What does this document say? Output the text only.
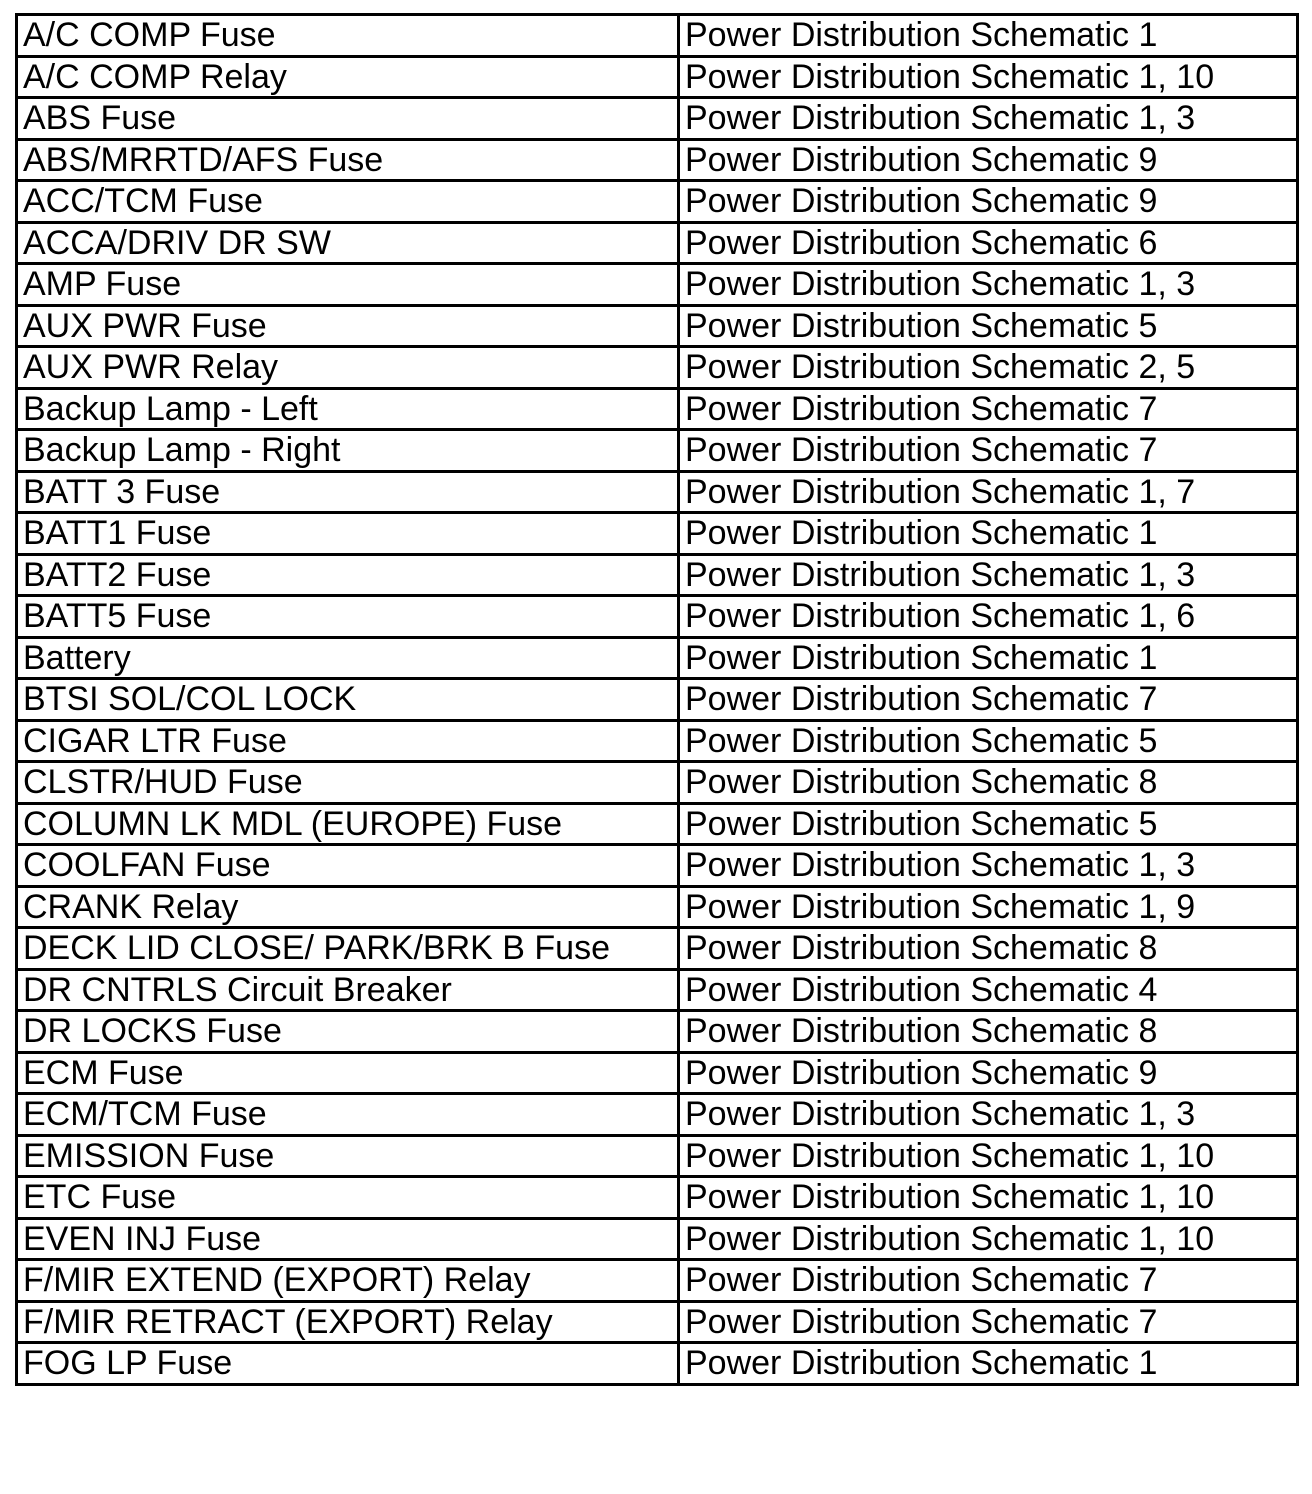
A/C COMP Fuse	Power Distribution Schematic 1
A/C COMP Relay	Power Distribution Schematic 1, 10
ABS Fuse	Power Distribution Schematic 1, 3
ABS/MRRTD/AFS Fuse	Power Distribution Schematic 9
ACC/TCM Fuse	Power Distribution Schematic 9
ACCA/DRIV DR SW	Power Distribution Schematic 6
AMP Fuse	Power Distribution Schematic 1, 3
AUX PWR Fuse	Power Distribution Schematic 5
AUX PWR Relay	Power Distribution Schematic 2, 5
Backup Lamp - Left	Power Distribution Schematic 7
Backup Lamp - Right	Power Distribution Schematic 7
BATT 3 Fuse	Power Distribution Schematic 1, 7
BATT1 Fuse	Power Distribution Schematic 1
BATT2 Fuse	Power Distribution Schematic 1, 3
BATT5 Fuse	Power Distribution Schematic 1, 6
Battery	Power Distribution Schematic 1
BTSI SOL/COL LOCK	Power Distribution Schematic 7
CIGAR LTR Fuse	Power Distribution Schematic 5
CLSTR/HUD Fuse	Power Distribution Schematic 8
COLUMN LK MDL (EUROPE) Fuse	Power Distribution Schematic 5
COOLFAN Fuse	Power Distribution Schematic 1, 3
CRANK Relay	Power Distribution Schematic 1, 9
DECK LID CLOSE/ PARK/BRK B Fuse	Power Distribution Schematic 8
DR CNTRLS Circuit Breaker	Power Distribution Schematic 4
DR LOCKS Fuse	Power Distribution Schematic 8
ECM Fuse	Power Distribution Schematic 9
ECM/TCM Fuse	Power Distribution Schematic 1, 3
EMISSION Fuse	Power Distribution Schematic 1, 10
ETC Fuse	Power Distribution Schematic 1, 10
EVEN INJ Fuse	Power Distribution Schematic 1, 10
F/MIR EXTEND (EXPORT) Relay	Power Distribution Schematic 7
F/MIR RETRACT (EXPORT) Relay	Power Distribution Schematic 7
FOG LP Fuse	Power Distribution Schematic 1
